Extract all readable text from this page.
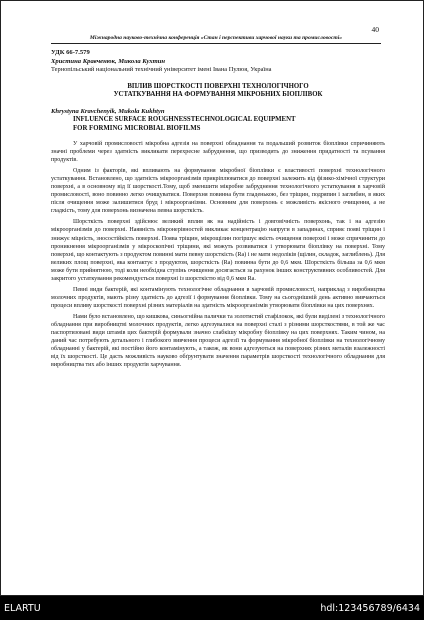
40
Міжнародна науково-технічна конференція «Стан і перспективи харчової науки та промисловості»
УДК 66-7.579
Христина Кравченюк, Микола Кухтин
Тернопільський національний технічний університет імені Івана Пулюя, Україна
ВПЛИВ ШОРСТКОСТІ ПОВЕРХНІ ТЕХНОЛОГІЧНОГО
УСТАТКУВАННЯ НА ФОРМУВАННЯ МІКРОБНИХ БІОПЛІВОК
Khrystyna Kravchenyik, Mukola Kukhtyn
INFLUENCE SURFACE ROUGHNESSTECHNOLOGICAL EQUIPMENT
FOR FORMING MICROBIAL BIOFILMS

У харчовій промисловості мікробна адгезія на поверхні обладнання та подальший розвиток біоплівки спричиняють значні проблеми через здатність викликати перехресне забруднення, що призводить до зниження придатності та псування продуктів.

Одним із факторів, які впливають на формування мікробної біоплівки є властивості поверхні технологічного устаткування. Встановлено, що здатність мікроорганізмів прикріплюватися до поверхні залежить від фізико-хімічної структури поверхні, а в основному від її шорсткості.Тому, щоб зменшити мікробне забруднення технологічного устаткування в харчовій промисловості, воно повинно легко очищуватися. Поверхня повинна бути гладенькою, без тріщин, подряпин і заглибин, в яких після очищення може залишитися бруд і мікроорганізми. Основним для поверхонь є можливість якісного очищення, а не гладкість, тому для поверхонь визначена певна шорсткість.

Шорсткість поверхні здійснює великий вплив як на надійність і довговічність поверхонь, так і на адгезію мікроорганізмів до поверхні. Наявність мікронерівностей викликає концентрацію напруги в западинах, сприяє появі тріщин і знижує міцність, зносостійкість поверхні. Поява тріщин, мікрощілин погіршує якість очищення поверхні і може спричинити до проникнення мікроорганізмів у мікроскопічні тріщини, які можуть розвиватися і утворювати біоплівку на поверхні. Тому поверхні, що контактують з продуктом повинні мати певну шорсткість (Ra) і не мати недоліків (щілин, складок, заглиблень). Для великих площ поверхні, яка контактує з продуктом, шорсткість (Ra) повинна бути до 0,6 мкм. Шорсткість більша за 0,6 мкм може бути прийнятною, тоді коли необхідна ступінь очищення досягається за рахунок інших конструктивних особливостей. Для закритого устаткування рекомендується поверхні із шорсткістю від 0,6 мкм Ra.

Певні види бактерій, які контамінують технологічне обладнання в харчовій промисловості, наприклад з виробництва молочних продуктів, мають різну здатність до адгезії і формування біоплівки. Тому на сьогоднішній день активно вивчаються процеси впливу шорсткості поверхні різних матеріалів на здатність мікроорганізмів утворювати біоплівки на цих поверхнях.

Нами було встановлено, що кишкова, синьогнійна палички та золотистий стафілокок, які були виділені з технологічного обладнання при виробництві молочних продуктів, легко адгезувалися на поверхні сталі з різними шорсткостями, в той же час паспортизовані види штамів цих бактерій формували значно слабкішу мікробну біоплівку на цих поверхнях. Таким чином, на даний час потребують детального і глибокого вивчення процеси адгезії та формування мікробної біоплівки на технологічному обладнанні у бактерій, які постійно його контамінують, а також, як вони адгезуються на поверхнях різних металів взалежності від їх шорсткості. Це дасть можливість науково обґрунтувати значення параметрів шорсткості технологічного обладнання для виробництва тих або інших продуктів харчування.

ELARTU	hdl:123456789/6434
